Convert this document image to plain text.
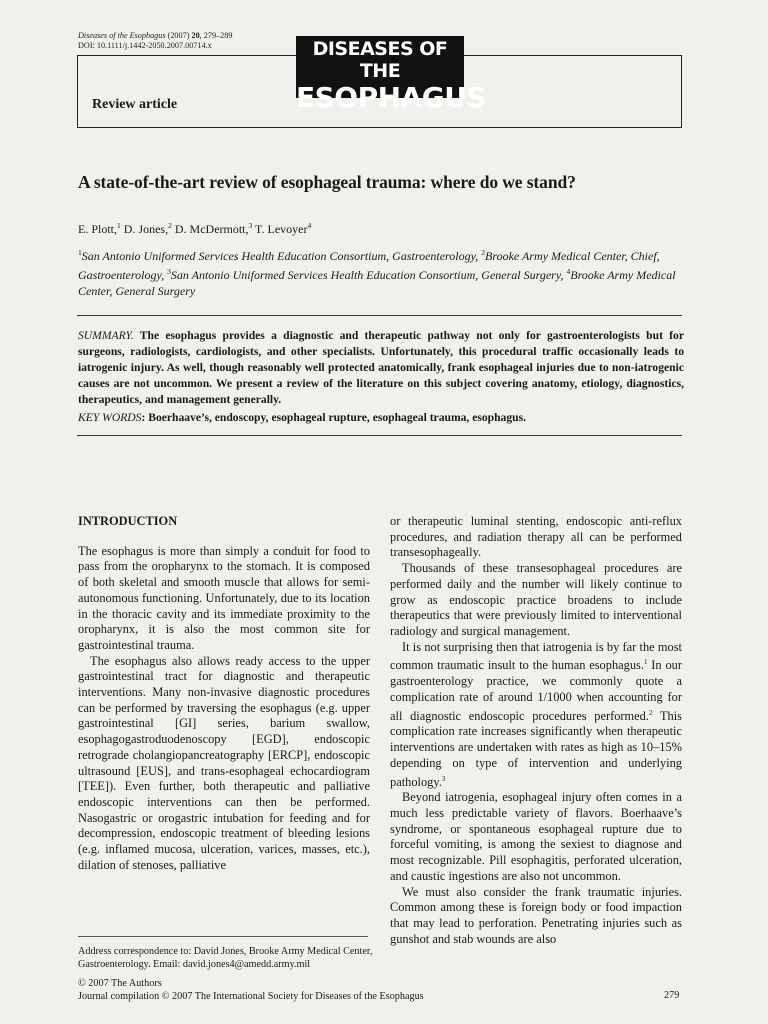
Diseases of the Esophagus (2007) 20, 279–289
DOI: 10.1111/j.1442-2050.2007.00714.x	DISEASES OF THE
ESOPHAGUS
Review article
A state-of-the-art review of esophageal trauma: where do we stand?
E. Plott,$^1$ D. Jones,$^2$ D. McDermott,$^3$ T. Levoyer$^4$
$^1$San Antonio Uniformed Services Health Education Consortium, Gastroenterology, $^2$Brooke Army Medical Center, Chief, Gastroenterology, $^3$San Antonio Uniformed Services Health Education Consortium, General Surgery, $^4$Brooke Army Medical Center, General Surgery
SUMMARY. The esophagus provides a diagnostic and therapeutic pathway not only for gastroenterologists but for surgeons, radiologists, cardiologists, and other specialists. Unfortunately, this procedural traffic occasionally leads to iatrogenic injury. As well, though reasonably well protected anatomically, frank esophageal injuries due to non-iatrogenic causes are not uncommon. We present a review of the literature on this subject covering anatomy, etiology, diagnostics, therapeutics, and management generally.
KEY WORDS: Boerhaave’s, endoscopy, esophageal rupture, esophageal trauma, esophagus.
INTRODUCTION

The esophagus is more than simply a conduit for food to pass from the oropharynx to the stomach. It is composed of both skeletal and smooth muscle that allows for semi-autonomous functioning. Unfortunately, due to its location in the thoracic cavity and its immediate proximity to the oropharynx, it is also the most common site for gastrointestinal trauma.

The esophagus also allows ready access to the upper gastrointestinal tract for diagnostic and therapeutic interventions. Many non-invasive diagnostic procedures can be performed by traversing the esophagus (e.g. upper gastrointestinal [GI] series, barium swallow, esophagogastroduodenoscopy [EGD], endoscopic retrograde cholangiopancreatography [ERCP], endoscopic ultrasound [EUS], and trans-esophageal echocardiogram [TEE]). Even further, both therapeutic and palliative endoscopic interventions can then be performed. Nasogastric or orogastric intubation for feeding and for decompression, endoscopic treatment of bleeding lesions (e.g. inflamed mucosa, ulceration, varices, masses, etc.), dilation of stenoses, palliative

or therapeutic luminal stenting, endoscopic anti-reflux procedures, and radiation therapy all can be performed transesophageally.

Thousands of these transesophageal procedures are performed daily and the number will likely continue to grow as endoscopic practice broadens to include therapeutics that were previously limited to interventional radiology and surgical management.

It is not surprising then that iatrogenia is by far the most common traumatic insult to the human esophagus.$^1$ In our gastroenterology practice, we commonly quote a complication rate of around 1/1000 when accounting for all diagnostic endoscopic procedures performed.$^2$ This complication rate increases significantly when therapeutic interventions are undertaken with rates as high as 10–15% depending on type of intervention and underlying pathology.$^3$

Beyond iatrogenia, esophageal injury often comes in a much less predictable variety of flavors. Boerhaave’s syndrome, or spontaneous esophageal rupture due to forceful vomiting, is among the sexiest to diagnose and most recognizable. Pill esophagitis, perforated ulceration, and caustic ingestions are also not uncommon.

We must also consider the frank traumatic injuries. Common among these is foreign body or food impaction that may lead to perforation. Penetrating injuries such as gunshot and stab wounds are also

Address correspondence to: David Jones, Brooke Army Medical Center, Gastroenterology. Email: david.jones4@amedd.army.mil
© 2007 The Authors
Journal compilation © 2007 The International Society for Diseases of the Esophagus	279
